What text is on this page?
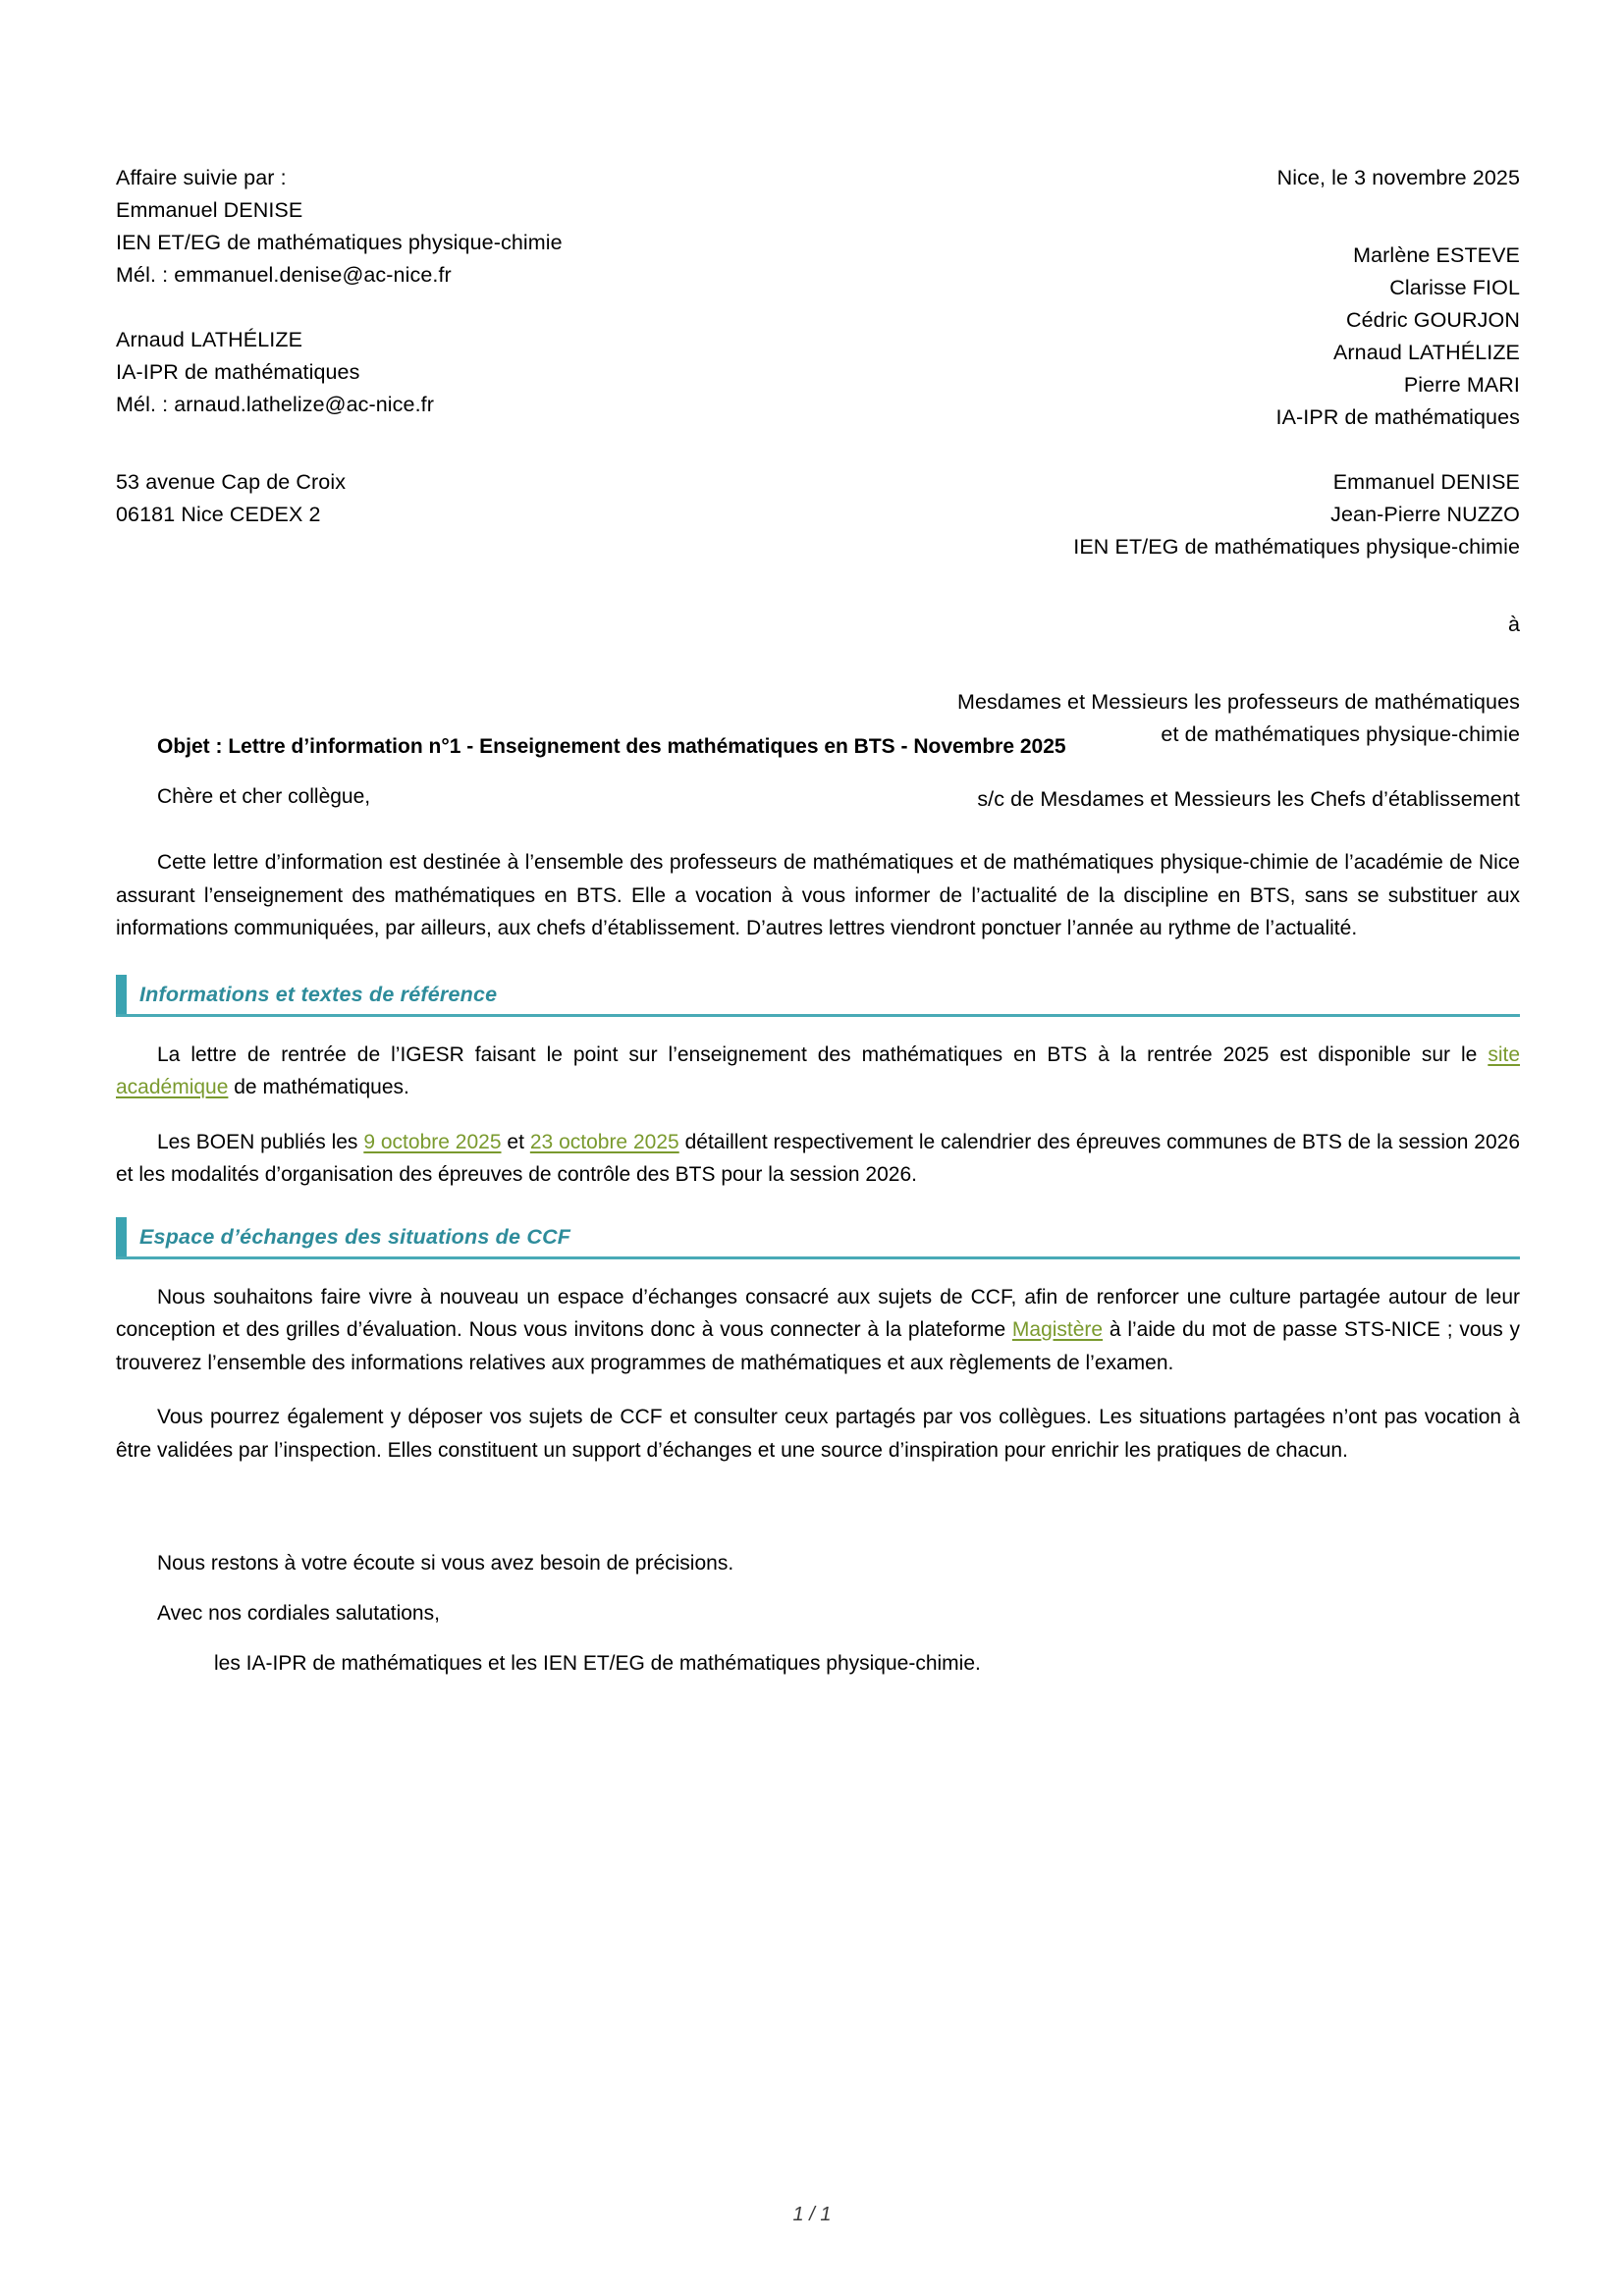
Affaire suivie par :
Emmanuel DENISE
IEN ET/EG de mathématiques physique-chimie
Mél. : emmanuel.denise@ac-nice.fr
Arnaud LATHÉLIZE
IA-IPR de mathématiques
Mél. : arnaud.lathelize@ac-nice.fr
53 avenue Cap de Croix
06181 Nice CEDEX 2
Nice, le 3 novembre 2025
Marlène ESTEVE
Clarisse FIOL
Cédric GOURJON
Arnaud LATHÉLIZE
Pierre MARI
IA-IPR de mathématiques
Emmanuel DENISE
Jean-Pierre NUZZO
IEN ET/EG de mathématiques physique-chimie
à
Mesdames et Messieurs les professeurs de mathématiques
et de mathématiques physique-chimie
s/c de Mesdames et Messieurs les Chefs d’établissement
Objet : Lettre d’information n°1 - Enseignement des mathématiques en BTS - Novembre 2025
Chère et cher collègue,

Cette lettre d’information est destinée à l’ensemble des professeurs de mathématiques et de mathématiques physique-chimie de l’académie de Nice assurant l’enseignement des mathématiques en BTS. Elle a vocation à vous informer de l’actualité de la discipline en BTS, sans se substituer aux informations communiquées, par ailleurs, aux chefs d’établissement. D’autres lettres viendront ponctuer l’année au rythme de l’actualité.

Informations et textes de référence

La lettre de rentrée de l’IGESR faisant le point sur l’enseignement des mathématiques en BTS à la rentrée 2025 est disponible sur le site académique de mathématiques.

Les BOEN publiés les 9 octobre 2025 et 23 octobre 2025 détaillent respectivement le calendrier des épreuves communes de BTS de la session 2026 et les modalités d’organisation des épreuves de contrôle des BTS pour la session 2026.

Espace d’échanges des situations de CCF

Nous souhaitons faire vivre à nouveau un espace d’échanges consacré aux sujets de CCF, afin de renforcer une culture partagée autour de leur conception et des grilles d’évaluation. Nous vous invitons donc à vous connecter à la plateforme Magistère à l’aide du mot de passe STS-NICE ; vous y trouverez l’ensemble des informations relatives aux programmes de mathématiques et aux règlements de l’examen.

Vous pourrez également y déposer vos sujets de CCF et consulter ceux partagés par vos collègues. Les situations partagées n’ont pas vocation à être validées par l’inspection. Elles constituent un support d’échanges et une source d’inspiration pour enrichir les pratiques de chacun.

Nous restons à votre écoute si vous avez besoin de précisions.
Avec nos cordiales salutations,
les IA-IPR de mathématiques et les IEN ET/EG de mathématiques physique-chimie.
1 / 1
